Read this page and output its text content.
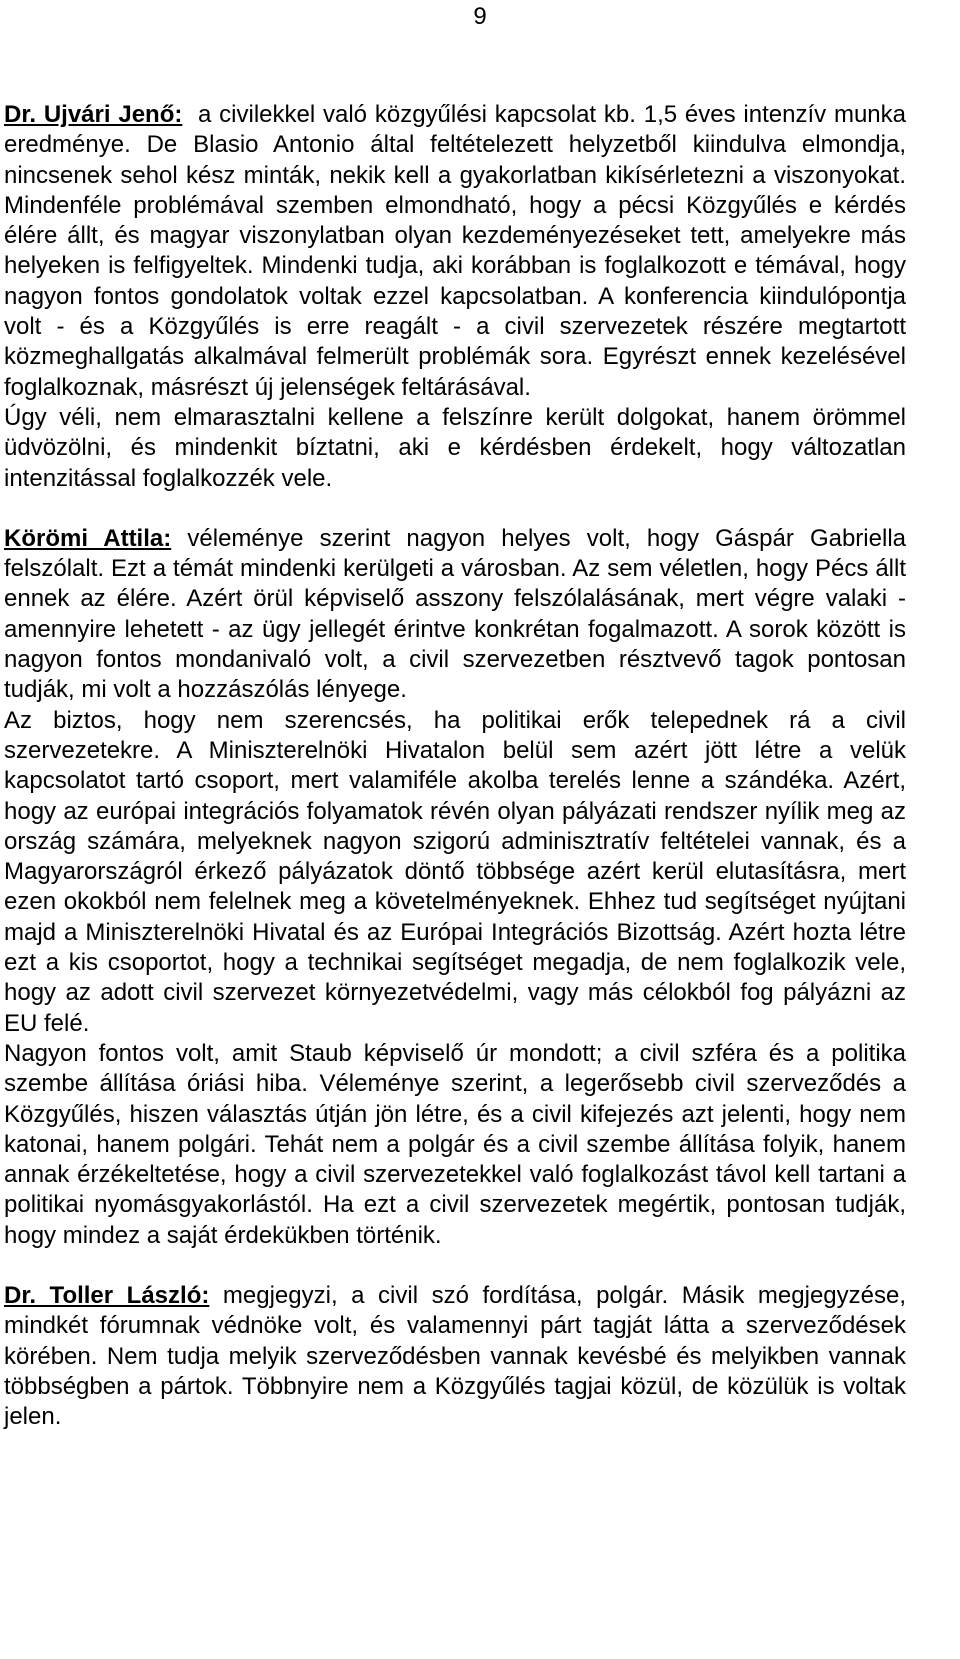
9

Dr. Ujvári Jenő: a civilekkel való közgyűlési kapcsolat kb. 1,5 éves intenzív munka eredménye. De Blasio Antonio által feltételezett helyzetből kiindulva elmondja, nincsenek sehol kész minták, nekik kell a gyakorlatban kikísérletezni a viszonyokat. Mindenféle problémával szemben elmondható, hogy a pécsi Közgyűlés e kérdés élére állt, és magyar viszonylatban olyan kezdeményezéseket tett, amelyekre más helyeken is felfigyeltek. Mindenki tudja, aki korábban is foglalkozott e témával, hogy nagyon fontos gondolatok voltak ezzel kapcsolatban. A konferencia kiindulópontja volt - és a Közgyűlés is erre reagált - a civil szervezetek részére megtartott közmeghallgatás alkalmával felmerült problémák sora. Egyrészt ennek kezelésével foglalkoznak, másrészt új jelenségek feltárásával.

Úgy véli, nem elmarasztalni kellene a felszínre került dolgokat, hanem örömmel üdvözölni, és mindenkit bíztatni, aki e kérdésben érdekelt, hogy változatlan intenzitással foglalkozzék vele.

Körömi Attila: véleménye szerint nagyon helyes volt, hogy Gáspár Gabriella felszólalt. Ezt a témát mindenki kerülgeti a városban. Az sem véletlen, hogy Pécs állt ennek az élére. Azért örül képviselő asszony felszólalásának, mert végre valaki - amennyire lehetett - az ügy jellegét érintve konkrétan fogalmazott. A sorok között is nagyon fontos mondanivaló volt, a civil szervezetben résztvevő tagok pontosan tudják, mi volt a hozzászólás lényege.

Az biztos, hogy nem szerencsés, ha politikai erők telepednek rá a civil szervezetekre. A Miniszterelnöki Hivatalon belül sem azért jött létre a velük kapcsolatot tartó csoport, mert valamiféle akolba terelés lenne a szándéka. Azért, hogy az európai integrációs folyamatok révén olyan pályázati rendszer nyílik meg az ország számára, melyeknek nagyon szigorú adminisztratív feltételei vannak, és a Magyarországról érkező pályázatok döntő többsége azért kerül elutasításra, mert ezen okokból nem felelnek meg a követelményeknek. Ehhez tud segítséget nyújtani majd a Miniszterelnöki Hivatal és az Európai Integrációs Bizottság. Azért hozta létre ezt a kis csoportot, hogy a technikai segítséget megadja, de nem foglalkozik vele, hogy az adott civil szervezet környezetvédelmi, vagy más célokból fog pályázni az EU felé.

Nagyon fontos volt, amit Staub képviselő úr mondott; a civil szféra és a politika szembe állítása óriási hiba. Véleménye szerint, a legerősebb civil szerveződés a Közgyűlés, hiszen választás útján jön létre, és a civil kifejezés azt jelenti, hogy nem katonai, hanem polgári. Tehát nem a polgár és a civil szembe állítása folyik, hanem annak érzékeltetése, hogy a civil szervezetekkel való foglalkozást távol kell tartani a politikai nyomásgyakorlástól. Ha ezt a civil szervezetek megértik, pontosan tudják, hogy mindez a saját érdekükben történik.

Dr. Toller László: megjegyzi, a civil szó fordítása, polgár. Másik megjegyzése, mindkét fórumnak védnöke volt, és valamennyi párt tagját látta a szerveződések körében. Nem tudja melyik szerveződésben vannak kevésbé és melyikben vannak többségben a pártok. Többnyire nem a Közgyűlés tagjai közül, de közülük is voltak jelen.
